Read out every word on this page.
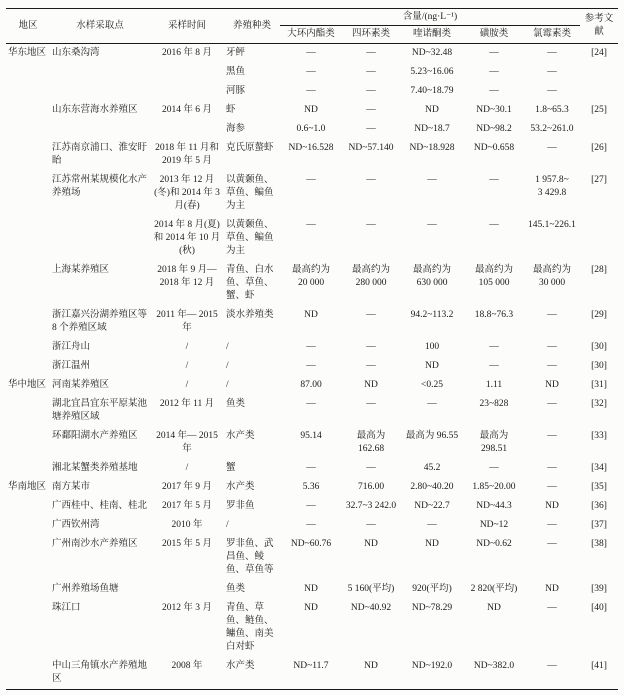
地区	水样采取点	采样时间	养殖种类	含量/(ng·L⁻¹)					参考文献
				大环内酯类	四环素类	喹诺酮类	磺胺类	氯霉素类	
华东地区	山东桑沟湾	2016 年 8 月	牙鲆	—	—	ND~32.48	—	—	[24]
			黑鱼	—	—	5.23~16.06	—	—	
			河豚	—	—	7.40~18.79	—	—	
	山东东营海水养殖区	2014 年 6 月	虾	ND	—	ND	ND~30.1	1.8~65.3	[25]
			海参	0.6~1.0	—	ND~18.7	ND~98.2	53.2~​261.0	
	江苏南京浦口、淮安盱眙	2018 年 11 月和 2019 年 5 月	克氏原螯虾	ND~16.528	ND~57.140	ND~18.928	ND~0.658	—	[26]
	江苏常州某规模化水产养殖场	2013 年 12 月(冬)和 2014 年 3 月(春)	以黄颡鱼、草鱼、鳊鱼为主	—	—	—	—	1 957.8~​3 429.8	[27]
		2014 年 8 月(夏)和 2014 年 10 月(秋)	以黄颡鱼、草鱼、鳊鱼为主	—	—	—	—	145.1~​226.1	
	上海某养殖区	2018 年 9 月—2018 年 12 月	青鱼、白水鱼、草鱼、蟹、虾	最高约为 20 000	最高约为 280 000	最高约为 630 000	最高约为 105 000	最高约为 30 000	[28]
	浙江嘉兴汾湖养殖区等 8 个养殖区域	2011 年— 2015 年	淡水养殖类	ND	—	94.2~113.2	18.8~76.3	—	[29]
	浙江舟山	/	/	—	—	100	—	—	[30]
	浙江温州	/	/	—	—	ND	—	—	[30]
华中地区	河南某养殖区	/	/	87.00	ND	<0.25	1.11	ND	[31]
	湖北宜昌宜东平原某池塘养殖区域	2012 年 11 月	鱼类	—	—	—	23~828	—	[32]
	环鄱阳湖水产养殖区	2014 年— 2015 年	水产类	95.14	最高为 162.68	最高为 96.55	最高为 298.51	—	[33]
	湘北某蟹类养殖基地	/	蟹	—	—	45.2	—	—	[34]
华南地区	南方某市	2017 年 9 月	水产类	5.36	716.00	2.80~40.20	1.85~20.00	—	[35]
	广西桂中、桂南、桂北	2017 年 5 月	罗非鱼	—	32.7~​3 242.0	ND~22.7	ND~44.3	ND	[36]
	广西钦州湾	2010 年	/	—	—	—	ND~12	—	[37]
	广州南沙水产养殖区	2015 年 5 月	罗非鱼、武昌鱼、鲮鱼、草鱼等	ND~60.76	ND	ND	ND~0.62	—	[38]
	广州养殖场鱼塘		鱼类	ND	5 160(平均)	920(平均)	2 820(平均)	ND	[39]
	珠江口	2012 年 3 月	青鱼、草鱼、鲢鱼、鳙鱼、南美白对虾	ND	ND~40.92	ND~78.29	ND	—	[40]
	中山三角镇水产养殖地区	2008 年	水产类	ND~11.7	ND	ND~192.0	ND~382.0	—	[41]
